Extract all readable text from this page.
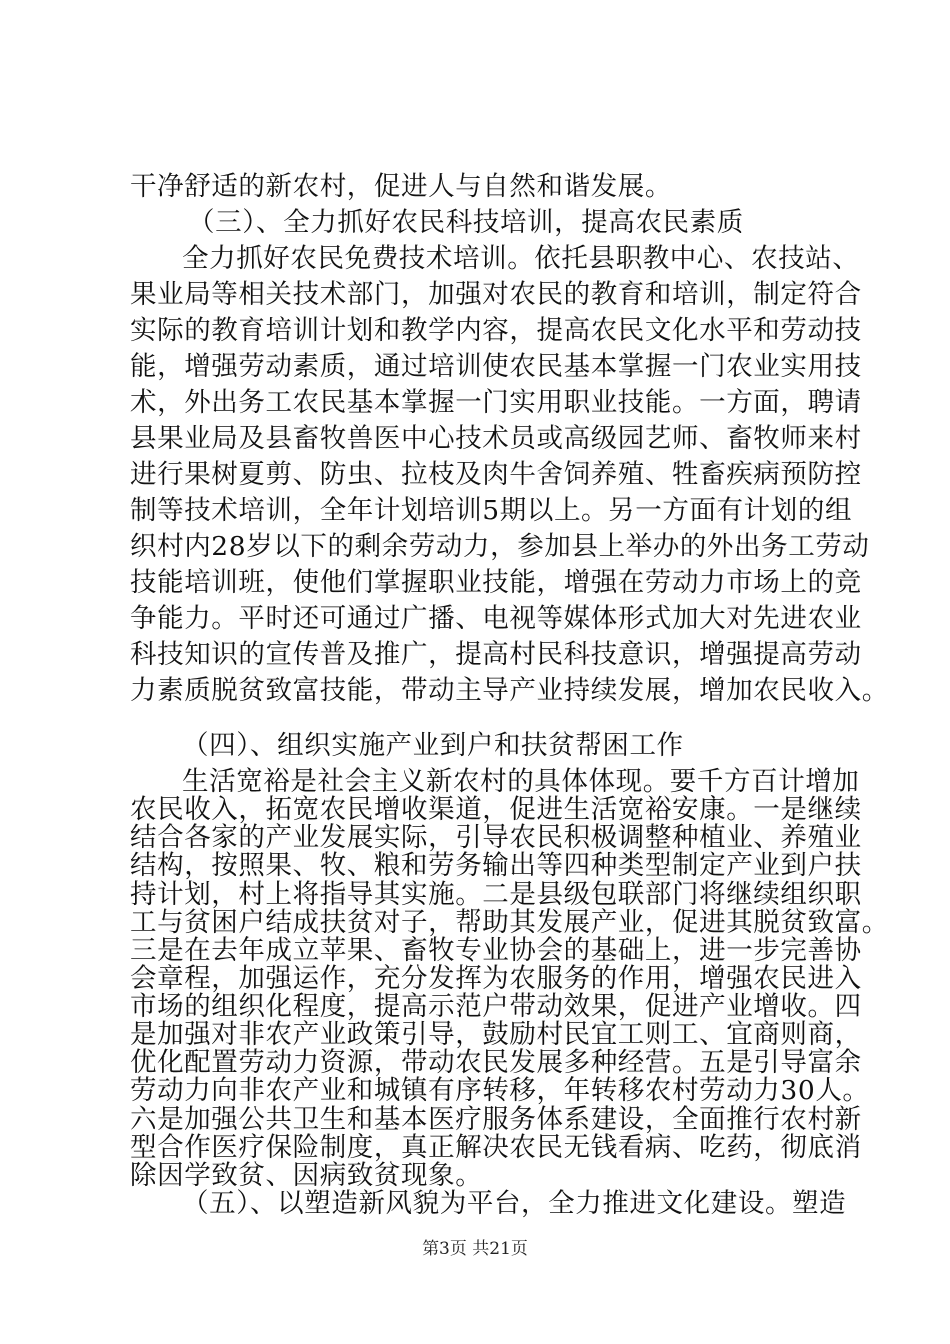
干净舒适的新农村，促进人与自然和谐发展。
（三）、全力抓好农民科技培训，提高农民素质
全力抓好农民免费技术培训。依托县职教中心、农技站、
果业局等相关技术部门，加强对农民的教育和培训，制定符合
实际的教育培训计划和教学内容，提高农民文化水平和劳动技
能，增强劳动素质，通过培训使农民基本掌握一门农业实用技
术，外出务工农民基本掌握一门实用职业技能。一方面，聘请
县果业局及县畜牧兽医中心技术员或高级园艺师、畜牧师来村
进行果树夏剪、防虫、拉枝及肉牛舍饲养殖、牲畜疾病预防控
制等技术培训，全年计划培训5期以上。另一方面有计划的组
织村内28岁以下的剩余劳动力，参加县上举办的外出务工劳动
技能培训班，使他们掌握职业技能，增强在劳动力市场上的竞
争能力。平时还可通过广播、电视等媒体形式加大对先进农业
科技知识的宣传普及推广，提高村民科技意识，增强提高劳动
力素质脱贫致富技能，带动主导产业持续发展，增加农民收入。
（四）、组织实施产业到户和扶贫帮困工作
第3页 共21页
生活宽裕是社会主义新农村的具体体现。要千方百计增加
农民收入，拓宽农民增收渠道，促进生活宽裕安康。一是继续
结合各家的产业发展实际，引导农民积极调整种植业、养殖业
结构，按照果、牧、粮和劳务输出等四种类型制定产业到户扶
持计划，村上将指导其实施。二是县级包联部门将继续组织职
工与贫困户结成扶贫对子，帮助其发展产业，促进其脱贫致富。
三是在去年成立苹果、畜牧专业协会的基础上，进一步完善协
会章程，加强运作，充分发挥为农服务的作用，增强农民进入
市场的组织化程度，提高示范户带动效果，促进产业增收。四
是加强对非农产业政策引导，鼓励村民宜工则工、宜商则商，
优化配置劳动力资源，带动农民发展多种经营。五是引导富余
劳动力向非农产业和城镇有序转移，年转移农村劳动力30人。
六是加强公共卫生和基本医疗服务体系建设，全面推行农村新
型合作医疗保险制度，真正解决农民无钱看病、吃药，彻底消
除因学致贫、因病致贫现象。
（五）、以塑造新风貌为平台，全力推进文化建设。塑造
